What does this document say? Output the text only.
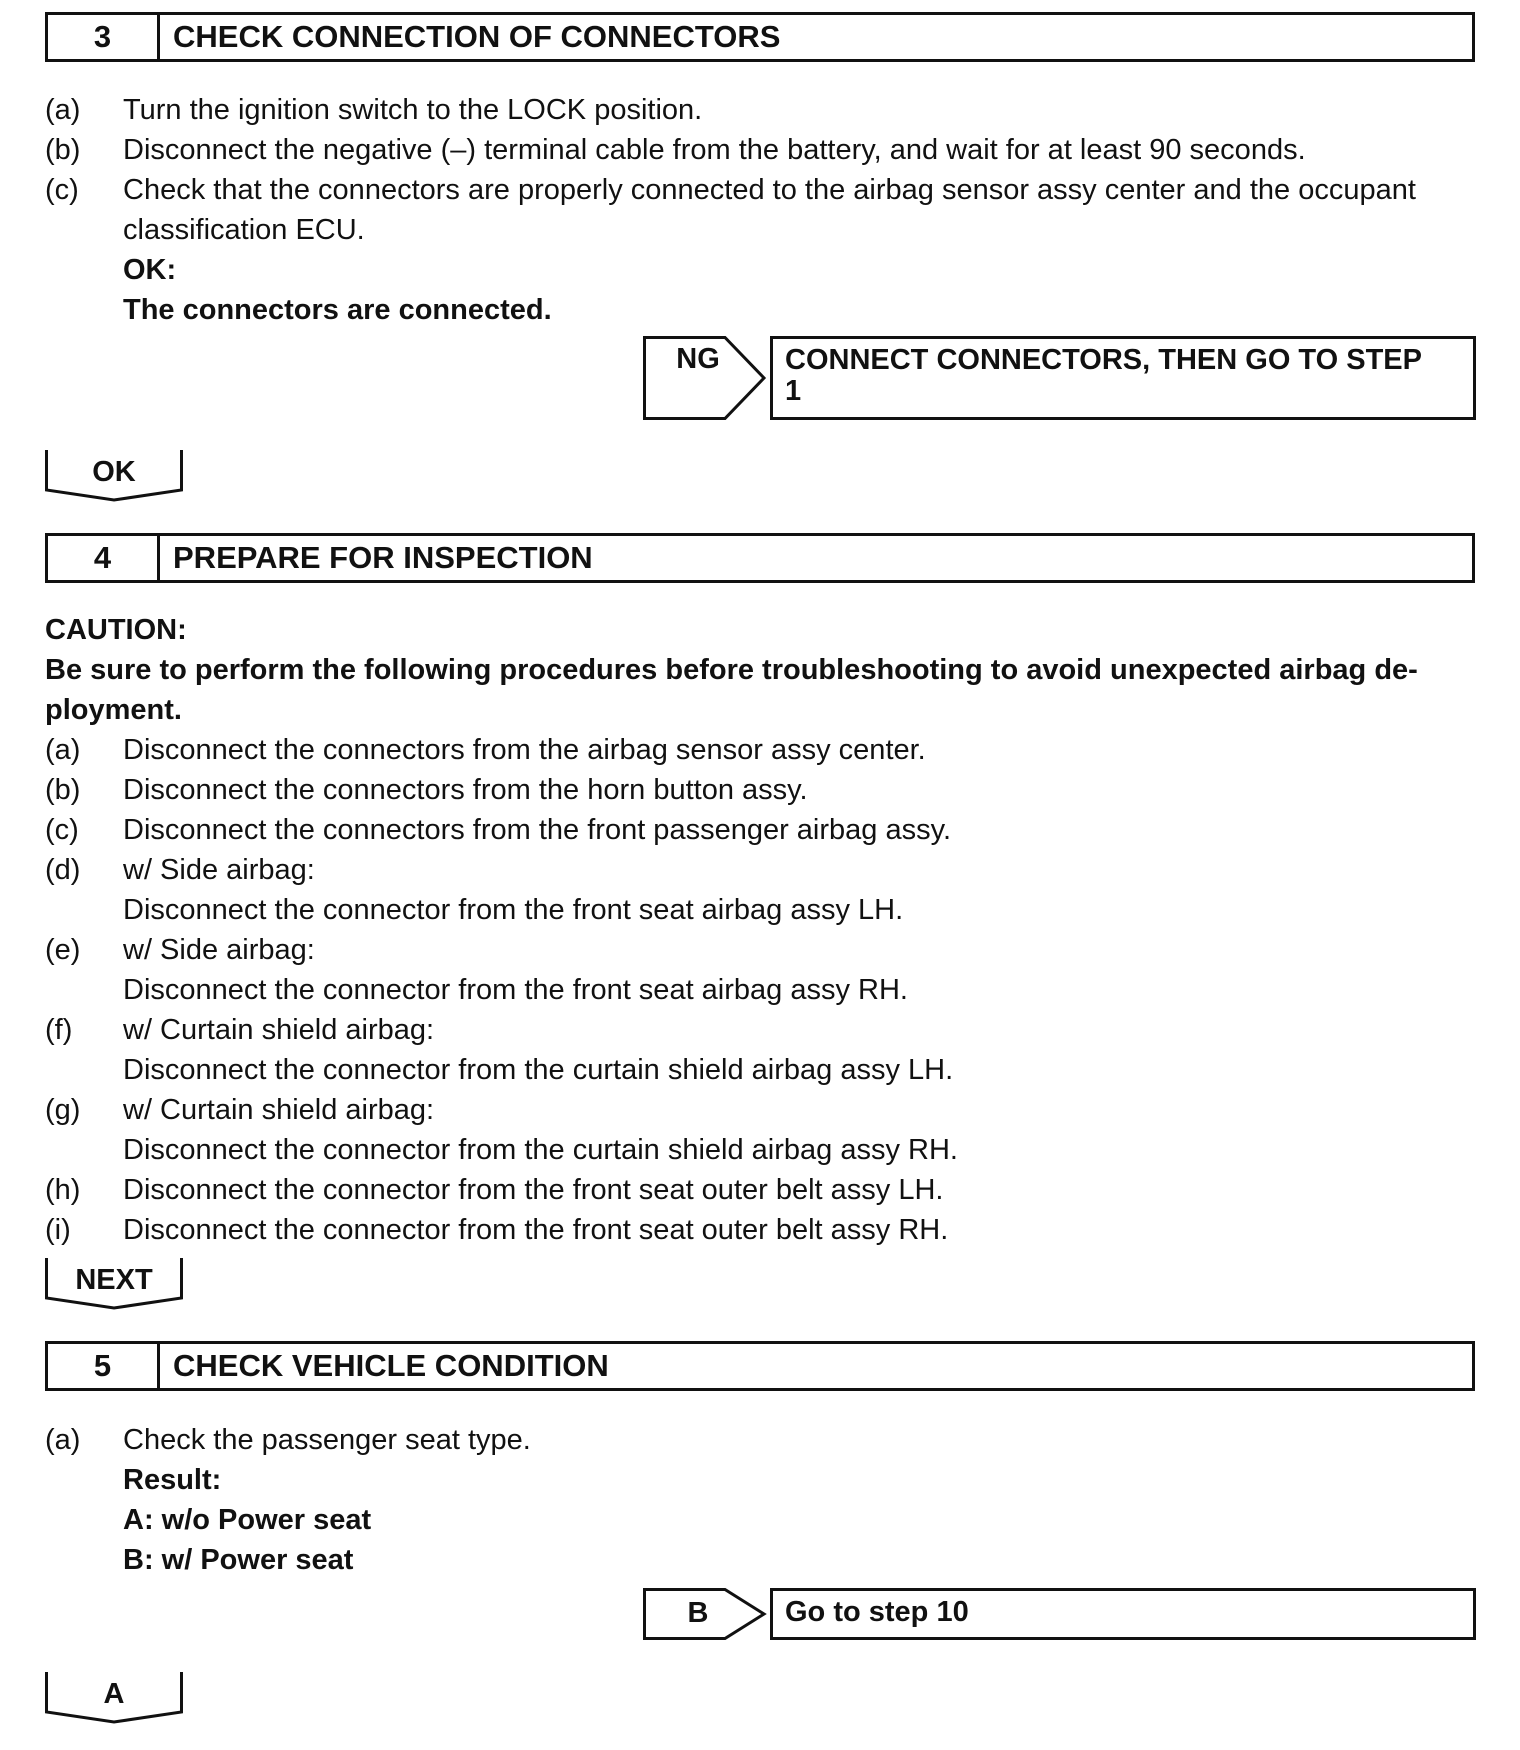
3	CHECK CONNECTION OF CONNECTORS
(a) Turn the ignition switch to the LOCK position.
(b) Disconnect the negative (–) terminal cable from the battery, and wait for at least 90 seconds.
(c) Check that the connectors are properly connected to the airbag sensor assy center and the occupant
classification ECU.
OK:
The connectors are connected.
NG	CONNECT CONNECTORS, THEN GO TO STEP
1
OK
4	PREPARE FOR INSPECTION
CAUTION:
Be sure to perform the following procedures before troubleshooting to avoid unexpected airbag de-
ployment.
(a) Disconnect the connectors from the airbag sensor assy center.
(b) Disconnect the connectors from the horn button assy.
(c) Disconnect the connectors from the front passenger airbag assy.
(d) w/ Side airbag:
Disconnect the connector from the front seat airbag assy LH.
(e) w/ Side airbag:
Disconnect the connector from the front seat airbag assy RH.
(f) w/ Curtain shield airbag:
Disconnect the connector from the curtain shield airbag assy LH.
(g) w/ Curtain shield airbag:
Disconnect the connector from the curtain shield airbag assy RH.
(h) Disconnect the connector from the front seat outer belt assy LH.
(i) Disconnect the connector from the front seat outer belt assy RH.
NEXT
5	CHECK VEHICLE CONDITION
(a) Check the passenger seat type.
Result:
A: w/o Power seat
B: w/ Power seat
B	Go to step 10
A
